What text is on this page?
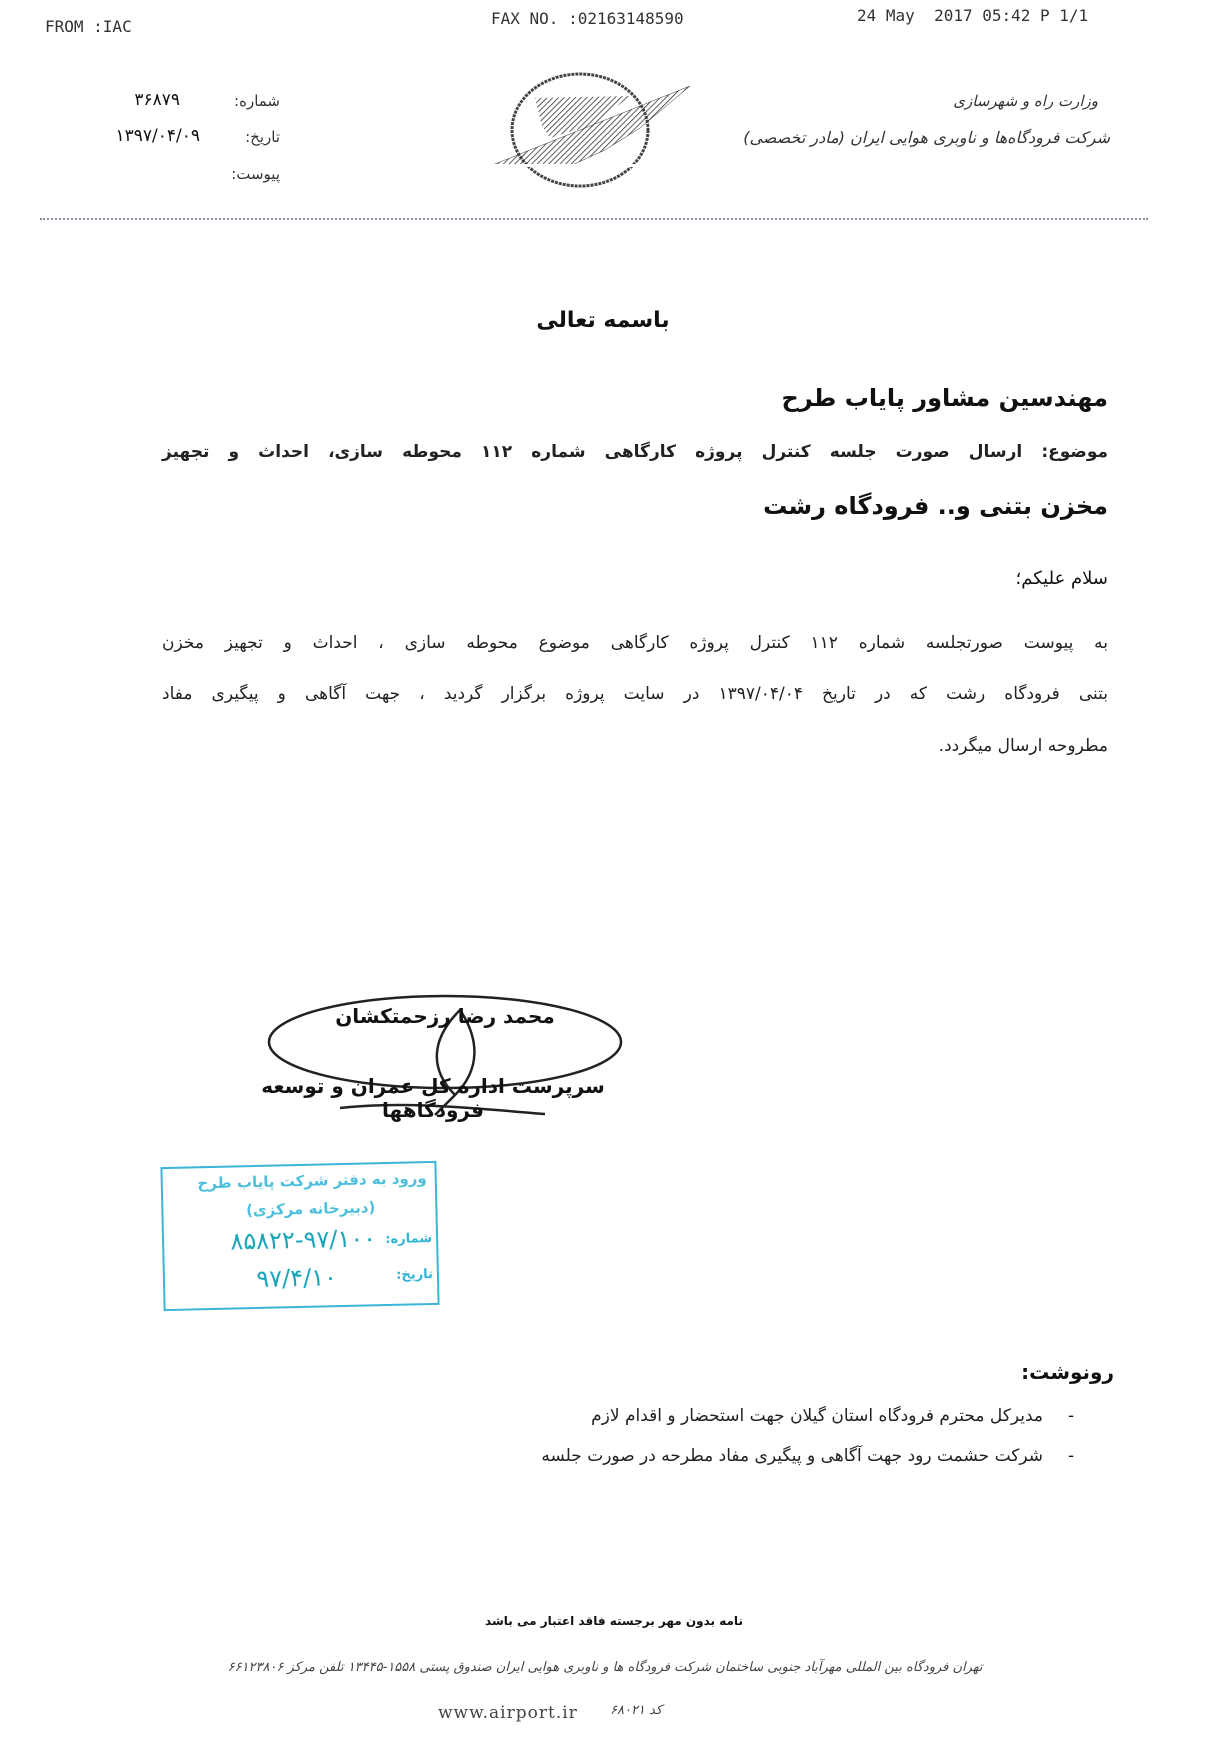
FROM :IAC	FAX NO. :02163148590	24 May  2017 05:42 P 1/1
شماره:
۳۶۸۷۹
تاریخ:
۱۳۹۷/۰۴/۰۹
پیوست:
وزارت راه و شهرسازی
شرکت فرودگاه‌ها و ناوبری هوایی ایران (مادر تخصصی)
باسمه تعالی
مهندسین مشاور پایاب طرح
موضوع: ارسال صورت جلسه کنترل پروژه کارگاهی شماره ۱۱۲ محوطه سازی، احداث و تجهیز
مخزن بتنی و.. فرودگاه رشت
سلام علیکم؛
به پیوست صورتجلسه شماره ۱۱۲ کنترل پروژه کارگاهی موضوع محوطه سازی ، احداث و تجهیز مخزن
بتنی فرودگاه رشت که در تاریخ ۱۳۹۷/۰۴/۰۴ در سایت پروژه برگزار گردید ، جهت آگاهی و پیگیری مفاد
مطروحه ارسال میگردد.
محمد رضا رزحمتکشان
سرپرست اداره کل عمران و توسعه فرودگاهها
ورود به دفتر شرکت پایاب طرح
(دبیرخانه مرکزی)
شماره:
۸۵۸۲۲-۹۷/۱۰۰
تاریخ:
۹۷/۴/۱۰
رونوشت:
-
مدیرکل محترم فرودگاه استان گیلان جهت استحضار و اقدام لازم
-
شرکت حشمت رود جهت آگاهی و پیگیری مفاد مطرحه در صورت جلسه
نامه بدون مهر برجسته فاقد اعتبار می باشد
تهران فرودگاه بین المللی مهرآباد جنوبی ساختمان شرکت فرودگاه ها و ناوبری هوایی ایران صندوق پستی ۱۵۵۸-۱۳۴۴۵ تلفن مرکز ۶۶۱۲۳۸۰۶
www.airport.ir کد ۶۸۰۲۱
